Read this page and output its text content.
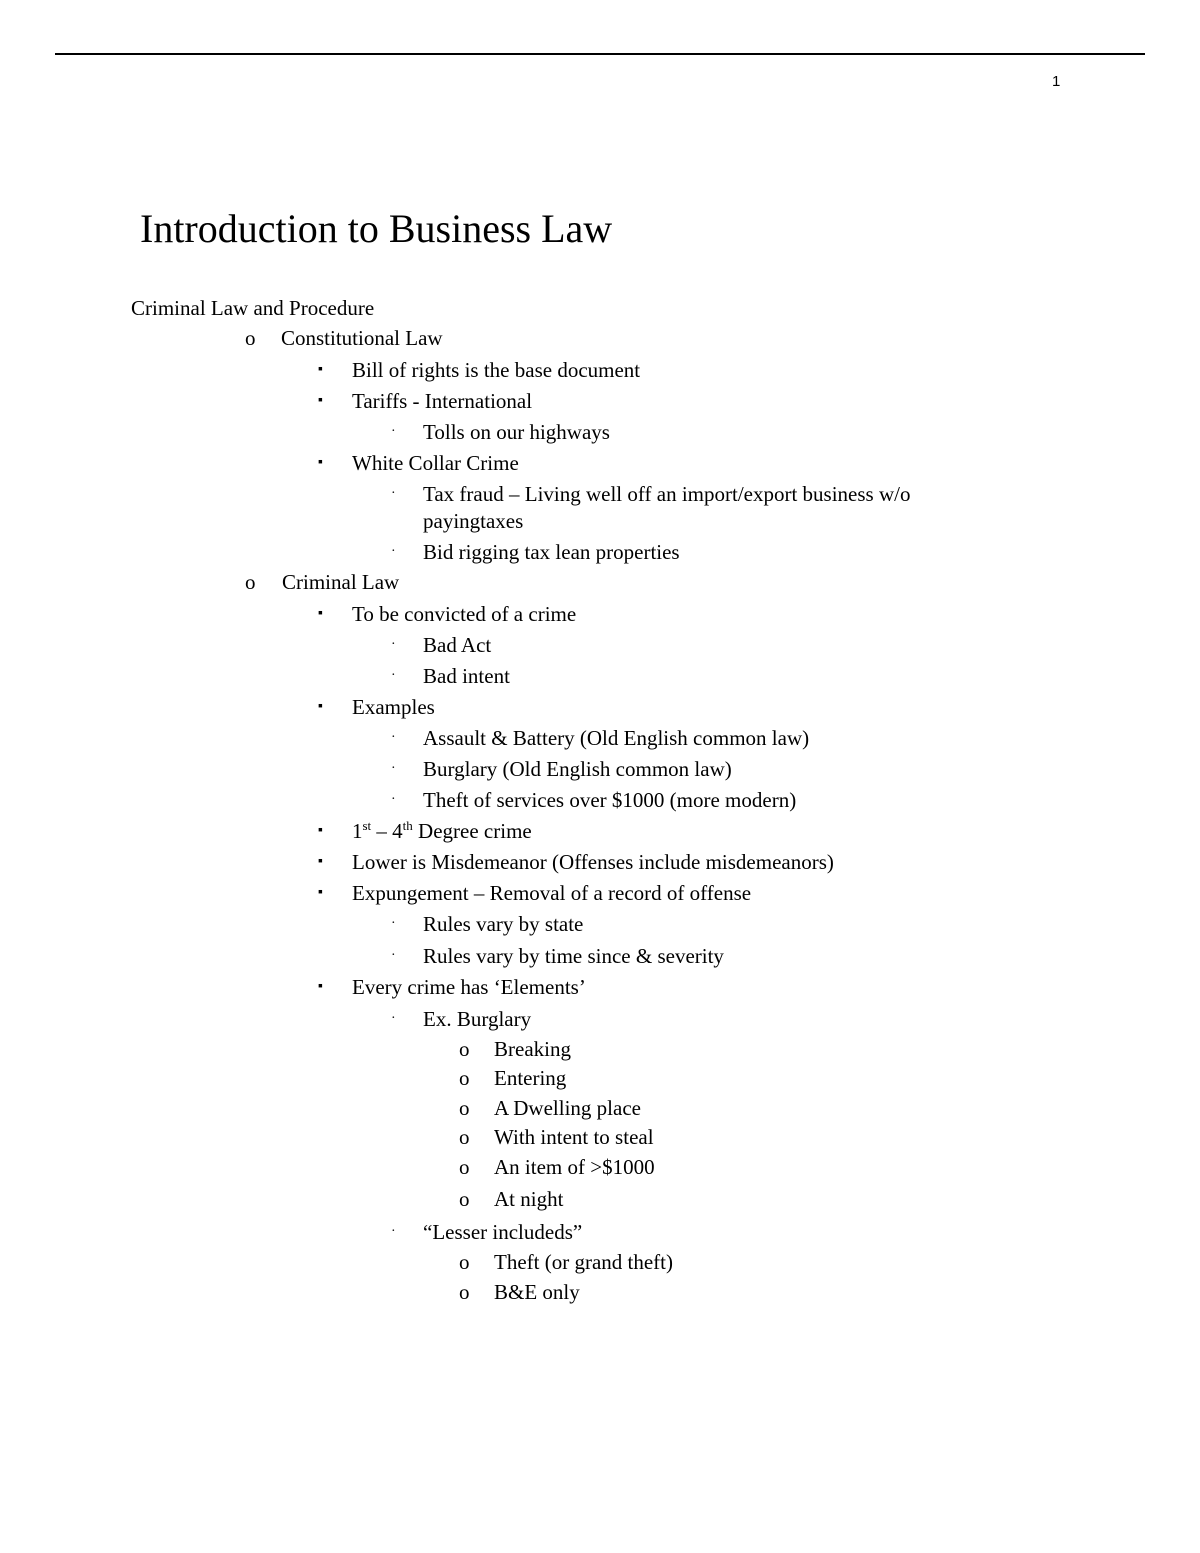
1
Introduction to Business Law
Criminal Law and Procedure
o Constitutional Law
▪ Bill of rights is the base document
▪ Tariffs - International
· Tolls on our highways
▪ White Collar Crime
· Tax fraud – Living well off an import/export business w/o
payingtaxes
· Bid rigging tax lean properties
o Criminal Law
▪ To be convicted of a crime
· Bad Act
· Bad intent
▪ Examples
· Assault & Battery (Old English common law)
· Burglary (Old English common law)
· Theft of services over $1000 (more modern)
▪ 1st – 4th Degree crime
▪ Lower is Misdemeanor (Offenses include misdemeanors)
▪ Expungement – Removal of a record of offense
· Rules vary by state
· Rules vary by time since & severity
▪ Every crime has ‘Elements’
· Ex. Burglary
o Breaking
o Entering
o A Dwelling place
o With intent to steal
o An item of >$1000
o At night
· “Lesser includeds”
o Theft (or grand theft)
o B&E only
